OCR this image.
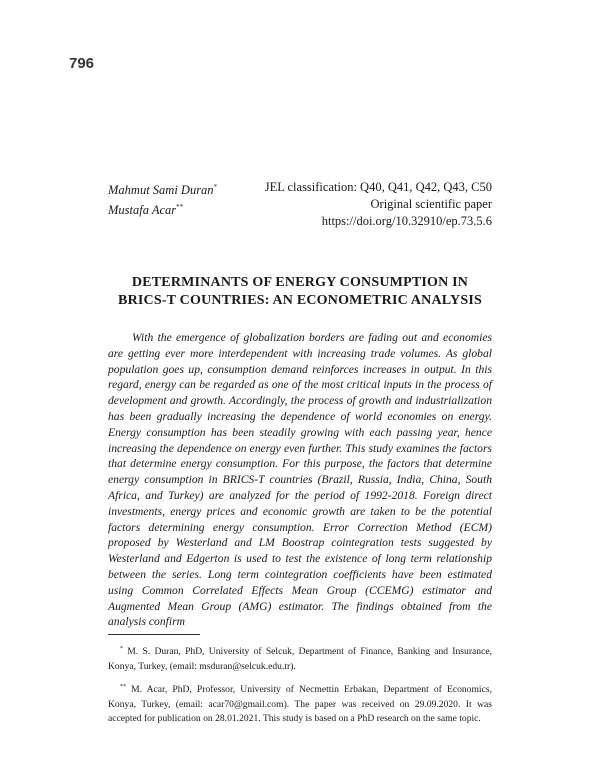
796
Mahmut Sami Duran*
Mustafa Acar**
JEL classification: Q40, Q41, Q42, Q43, C50
Original scientific paper
https://doi.org/10.32910/ep.73.5.6
DETERMINANTS OF ENERGY CONSUMPTION IN
BRICS-T COUNTRIES: AN ECONOMETRIC ANALYSIS

With the emergence of globalization borders are fading out and economies are getting ever more interdependent with increasing trade volumes. As global population goes up, consumption demand reinforces increases in output. In this regard, energy can be regarded as one of the most critical inputs in the process of development and growth. Accordingly, the process of growth and industrialization has been gradually increasing the dependence of world economies on energy. Energy consumption has been steadily growing with each passing year, hence increasing the dependence on energy even further. This study examines the factors that determine energy consumption. For this purpose, the factors that determine energy consumption in BRICS-T countries (Brazil, Russia, India, China, South Africa, and Turkey) are analyzed for the period of 1992-2018. Foreign direct investments, energy prices and economic growth are taken to be the potential factors determining energy consumption. Error Correction Method (ECM) proposed by Westerland and LM Boostrap cointegration tests suggested by Westerland and Edgerton is used to test the existence of long term relationship between the series. Long term cointegration coefficients have been estimated using Common Correlated Effects Mean Group (CCEMG) estimator and Augmented Mean Group (AMG) estimator. The findings obtained from the analysis confirm

* M. S. Duran, PhD, University of Selcuk, Department of Finance, Banking and Insurance, Konya, Turkey, (email: msduran@selcuk.edu.tr).

** M. Acar, PhD, Professor, University of Necmettin Erbakan, Department of Economics, Konya, Turkey, (email: acar70@gmail.com). The paper was received on 29.09.2020. It was accepted for publication on 28.01.2021. This study is based on a PhD research on the same topic.
